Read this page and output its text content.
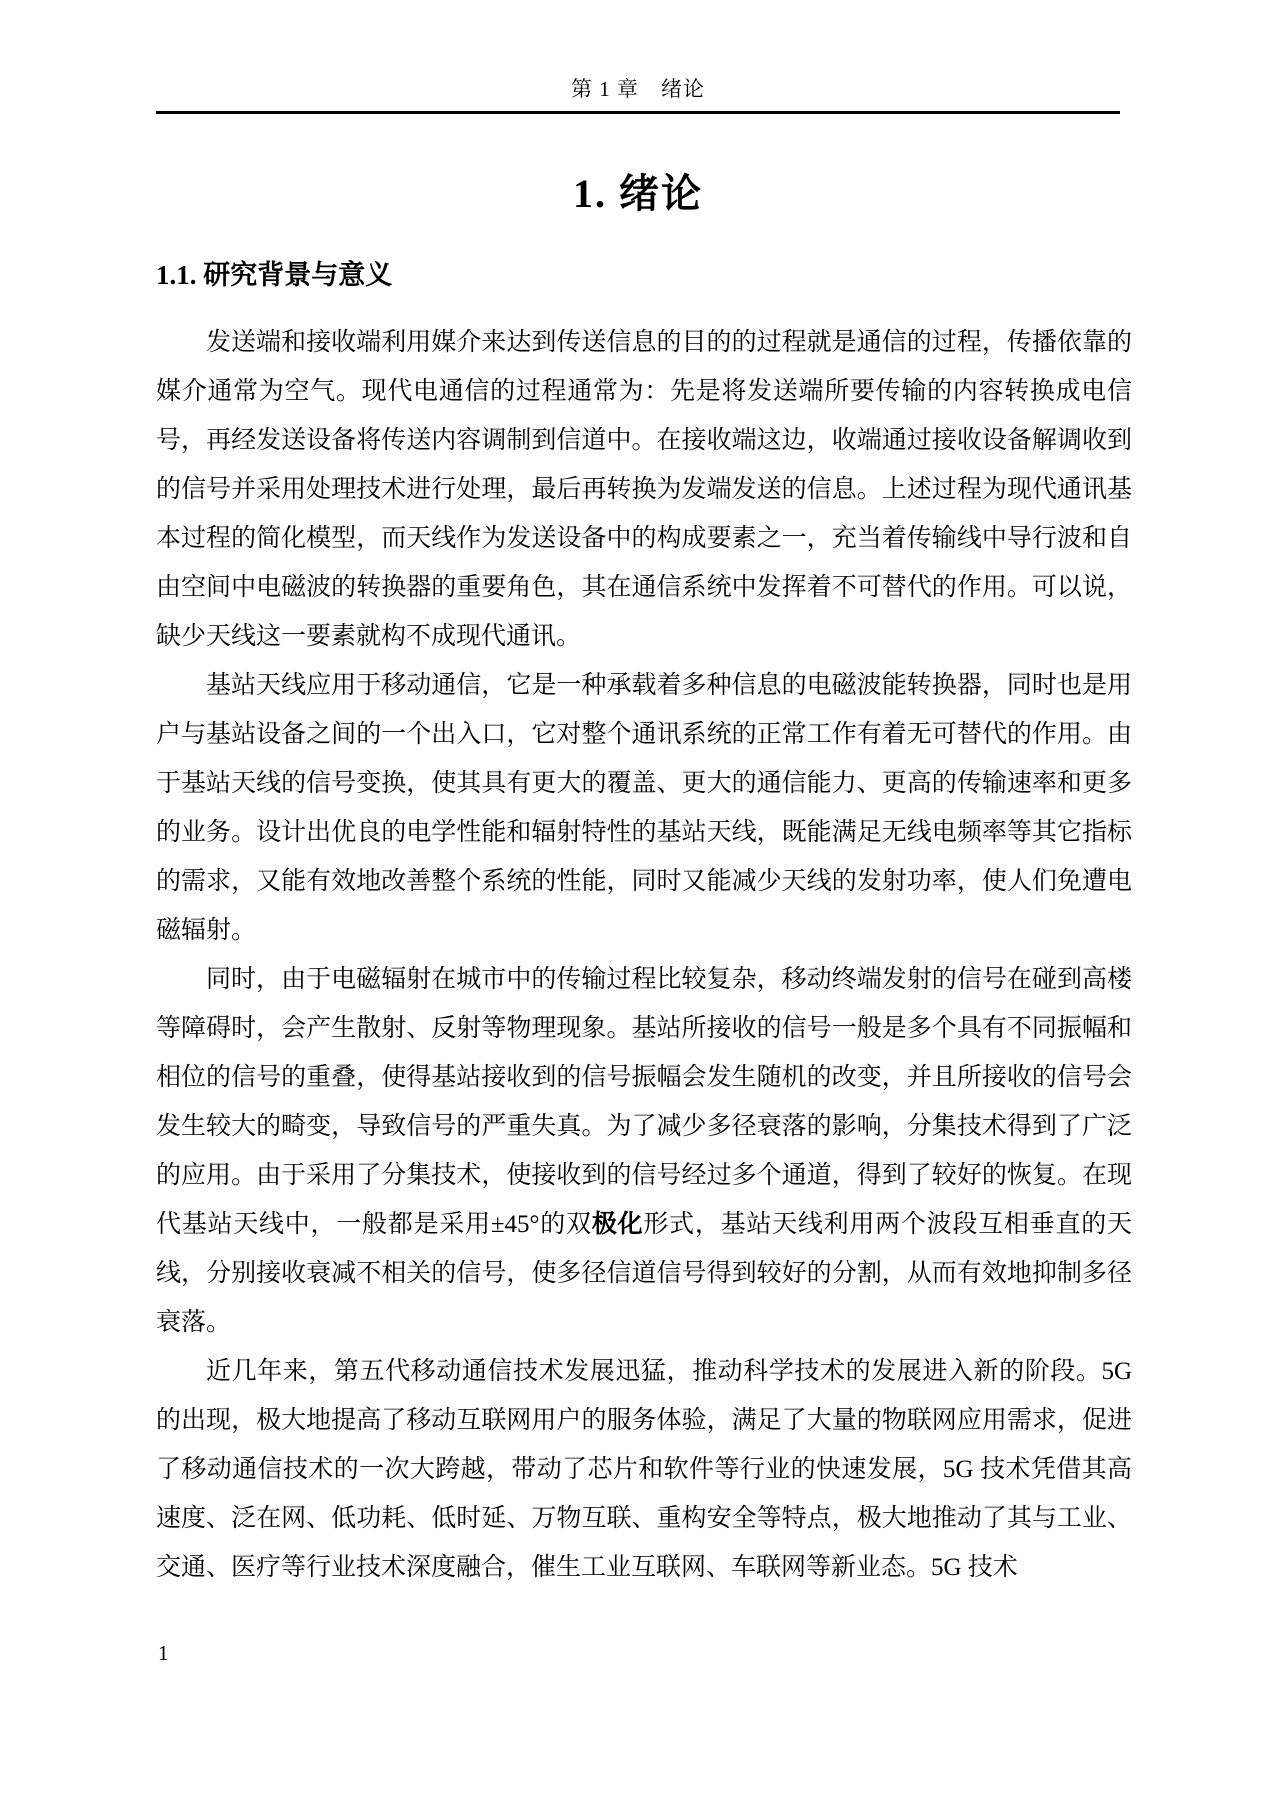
第 1 章　绪论
1. 绪论
1.1. 研究背景与意义

发送端和接收端利用媒介来达到传送信息的目的的过程就是通信的过程，传播依靠的媒介通常为空气。现代电通信的过程通常为：先是将发送端所要传输的内容转换成电信号，再经发送设备将传送内容调制到信道中。在接收端这边，收端通过接收设备解调收到的信号并采用处理技术进行处理，最后再转换为发端发送的信息。上述过程为现代通讯基本过程的简化模型，而天线作为发送设备中的构成要素之一，充当着传输线中导行波和自由空间中电磁波的转换器的重要角色，其在通信系统中发挥着不可替代的作用。可以说，缺少天线这一要素就构不成现代通讯。

基站天线应用于移动通信，它是一种承载着多种信息的电磁波能转换器，同时也是用户与基站设备之间的一个出入口，它对整个通讯系统的正常工作有着无可替代的作用。由于基站天线的信号变换，使其具有更大的覆盖、更大的通信能力、更高的传输速率和更多的业务。设计出优良的电学性能和辐射特性的基站天线，既能满足无线电频率等其它指标的需求，又能有效地改善整个系统的性能，同时又能减少天线的发射功率，使人们免遭电磁辐射。

同时，由于电磁辐射在城市中的传输过程比较复杂，移动终端发射的信号在碰到高楼等障碍时，会产生散射、反射等物理现象。基站所接收的信号一般是多个具有不同振幅和相位的信号的重叠，使得基站接收到的信号振幅会发生随机的改变，并且所接收的信号会发生较大的畸变，导致信号的严重失真。为了减少多径衰落的影响，分集技术得到了广泛的应用。由于采用了分集技术，使接收到的信号经过多个通道，得到了较好的恢复。在现代基站天线中，一般都是采用±45°的双极化形式，基站天线利用两个波段互相垂直的天线，分别接收衰减不相关的信号，使多径信道信号得到较好的分割，从而有效地抑制多径衰落。

近几年来，第五代移动通信技术发展迅猛，推动科学技术的发展进入新的阶段。5G 的出现，极大地提高了移动互联网用户的服务体验，满足了大量的物联网应用需求，促进了移动通信技术的一次大跨越，带动了芯片和软件等行业的快速发展，5G 技术凭借其高速度、泛在网、低功耗、低时延、万物互联、重构安全等特点，极大地推动了其与工业、交通、医疗等行业技术深度融合，催生工业互联网、车联网等新业态。5G 技术

1
